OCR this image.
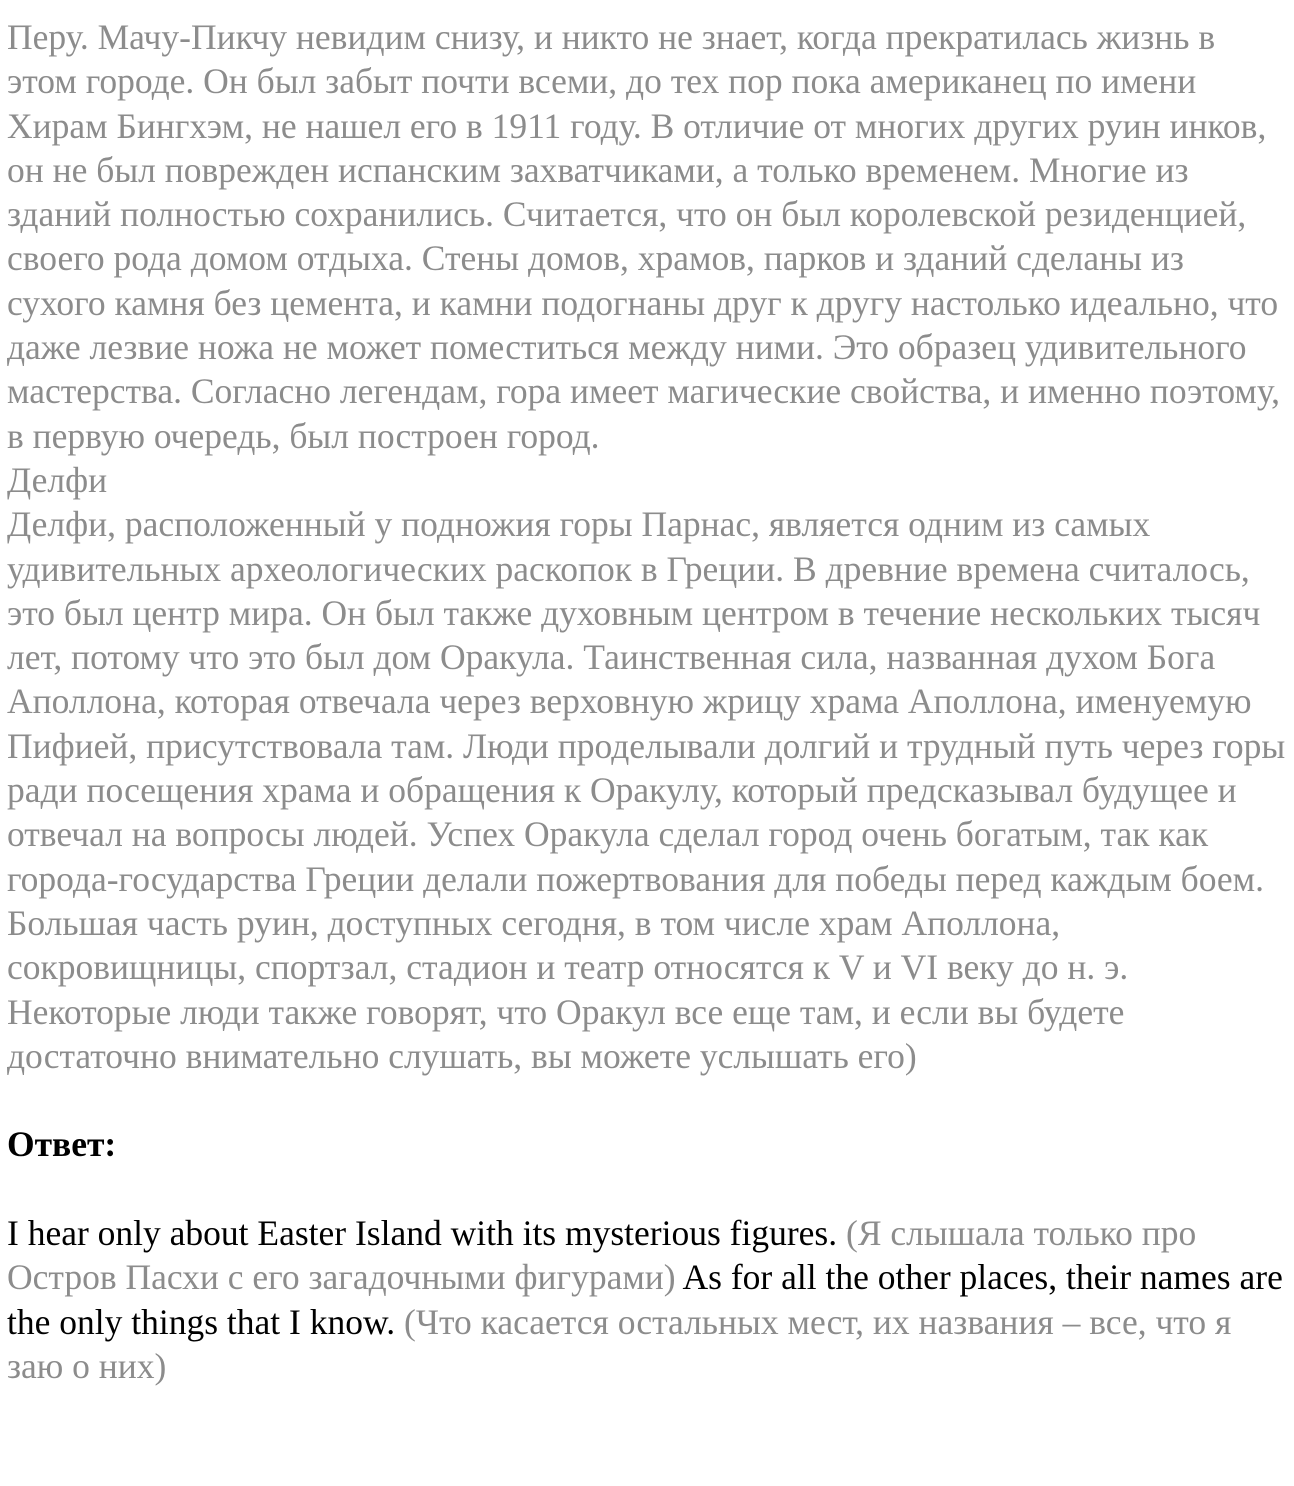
Перу. Мачу-Пикчу невидим снизу, и никто не знает, когда прекратилась жизнь в этом городе. Он был забыт почти всеми, до тех пор пока американец по имени Хирам Бингхэм, не нашел его в 1911 году. В отличие от многих других руин инков, он не был поврежден испанским захватчиками, а только временем. Многие из зданий полностью сохранились. Считается, что он был королевской резиденцией, своего рода домом отдыха. Стены домов, храмов, парков и зданий сделаны из сухого камня без цемента, и камни подогнаны друг к другу настолько идеально, что даже лезвие ножа не может поместиться между ними. Это образец удивительного мастерства. Согласно легендам, гора имеет магические свойства, и именно поэтому, в первую очередь, был построен город.

Делфи

Делфи, расположенный у подножия горы Парнас, является одним из самых удивительных археологических раскопок в Греции. В древние времена считалось, это был центр мира. Он был также духовным центром в течение нескольких тысяч лет, потому что это был дом Оракула. Таинственная сила, названная духом Бога Аполлона, которая отвечала через верховную жрицу храма Аполлона, именуемую Пифией, присутствовала там. Люди проделывали долгий и трудный путь через горы ради посещения храма и обращения к Оракулу, который предсказывал будущее и отвечал на вопросы людей. Успех Оракула сделал город очень богатым, так как города-государства Греции делали пожертвования для победы перед каждым боем. Большая часть руин, доступных сегодня, в том числе храм Аполлона, сокровищницы, спортзал, стадион и театр относятся к V и VI веку до н. э. Некоторые люди также говорят, что Оракул все еще там, и если вы будете достаточно внимательно слушать, вы можете услышать его)

Ответ:

I hear only about Easter Island with its mysterious figures. (Я слышала только про Остров Пасхи с его загадочными фигурами) As for all the other places, their names are the only things that I know. (Что касается остальных мест, их названия – все, что я заю о них)
